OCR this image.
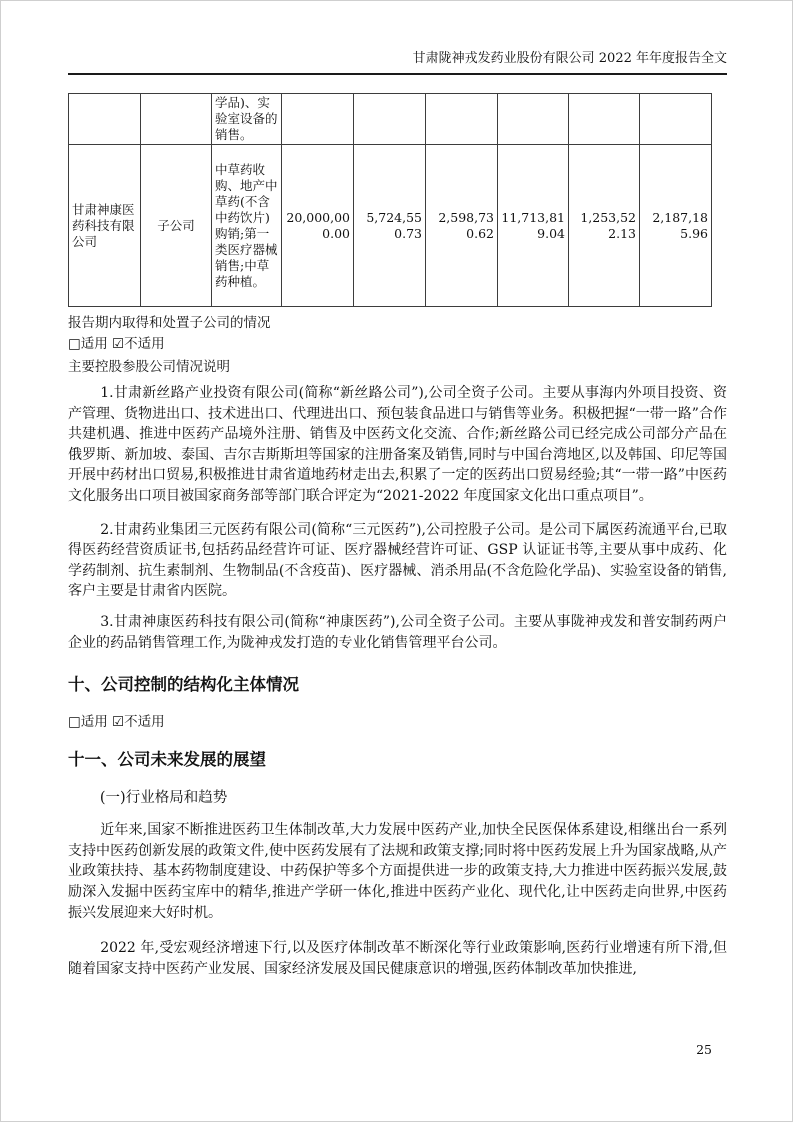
甘肃陇神戎发药业股份有限公司 2022 年年度报告全文
		学品)、实验室设备的销售。						
甘肃神康医药科技有限公司	子公司	中草药收购、地产中草药(不含中药饮片)购销;第一类医疗器械销售;中草药种植。	20,000,000.00	5,724,550.73	2,598,730.62	11,713,819.04	1,253,522.13	2,187,185.96
报告期内取得和处置子公司的情况
□适用 ☑不适用
主要控股参股公司情况说明

1.甘肃新丝路产业投资有限公司(简称“新丝路公司”),公司全资子公司。主要从事海内外项目投资、资产管理、货物进出口、技术进出口、代理进出口、预包装食品进口与销售等业务。积极把握“一带一路”合作共建机遇、推进中医药产品境外注册、销售及中医药文化交流、合作;新丝路公司已经完成公司部分产品在俄罗斯、新加坡、泰国、吉尔吉斯斯坦等国家的注册备案及销售,同时与中国台湾地区,以及韩国、印尼等国开展中药材出口贸易,积极推进甘肃省道地药材走出去,积累了一定的医药出口贸易经验;其“一带一路”中医药文化服务出口项目被国家商务部等部门联合评定为“2021-2022 年度国家文化出口重点项目”。

2.甘肃药业集团三元医药有限公司(简称“三元医药”),公司控股子公司。是公司下属医药流通平台,已取得医药经营资质证书,包括药品经营许可证、医疗器械经营许可证、GSP 认证证书等,主要从事中成药、化学药制剂、抗生素制剂、生物制品(不含疫苗)、医疗器械、消杀用品(不含危险化学品)、实验室设备的销售,客户主要是甘肃省内医院。

3.甘肃神康医药科技有限公司(简称“神康医药”),公司全资子公司。主要从事陇神戎发和普安制药两户企业的药品销售管理工作,为陇神戎发打造的专业化销售管理平台公司。

十、公司控制的结构化主体情况
□适用 ☑不适用
十一、公司未来发展的展望
(一)行业格局和趋势

近年来,国家不断推进医药卫生体制改革,大力发展中医药产业,加快全民医保体系建设,相继出台一系列支持中医药创新发展的政策文件,使中医药发展有了法规和政策支撑;同时将中医药发展上升为国家战略,从产业政策扶持、基本药物制度建设、中药保护等多个方面提供进一步的政策支持,大力推进中医药振兴发展,鼓励深入发掘中医药宝库中的精华,推进产学研一体化,推进中医药产业化、现代化,让中医药走向世界,中医药振兴发展迎来大好时机。

2022 年,受宏观经济增速下行,以及医疗体制改革不断深化等行业政策影响,医药行业增速有所下滑,但随着国家支持中医药产业发展、国家经济发展及国民健康意识的增强,医药体制改革加快推进,

25
